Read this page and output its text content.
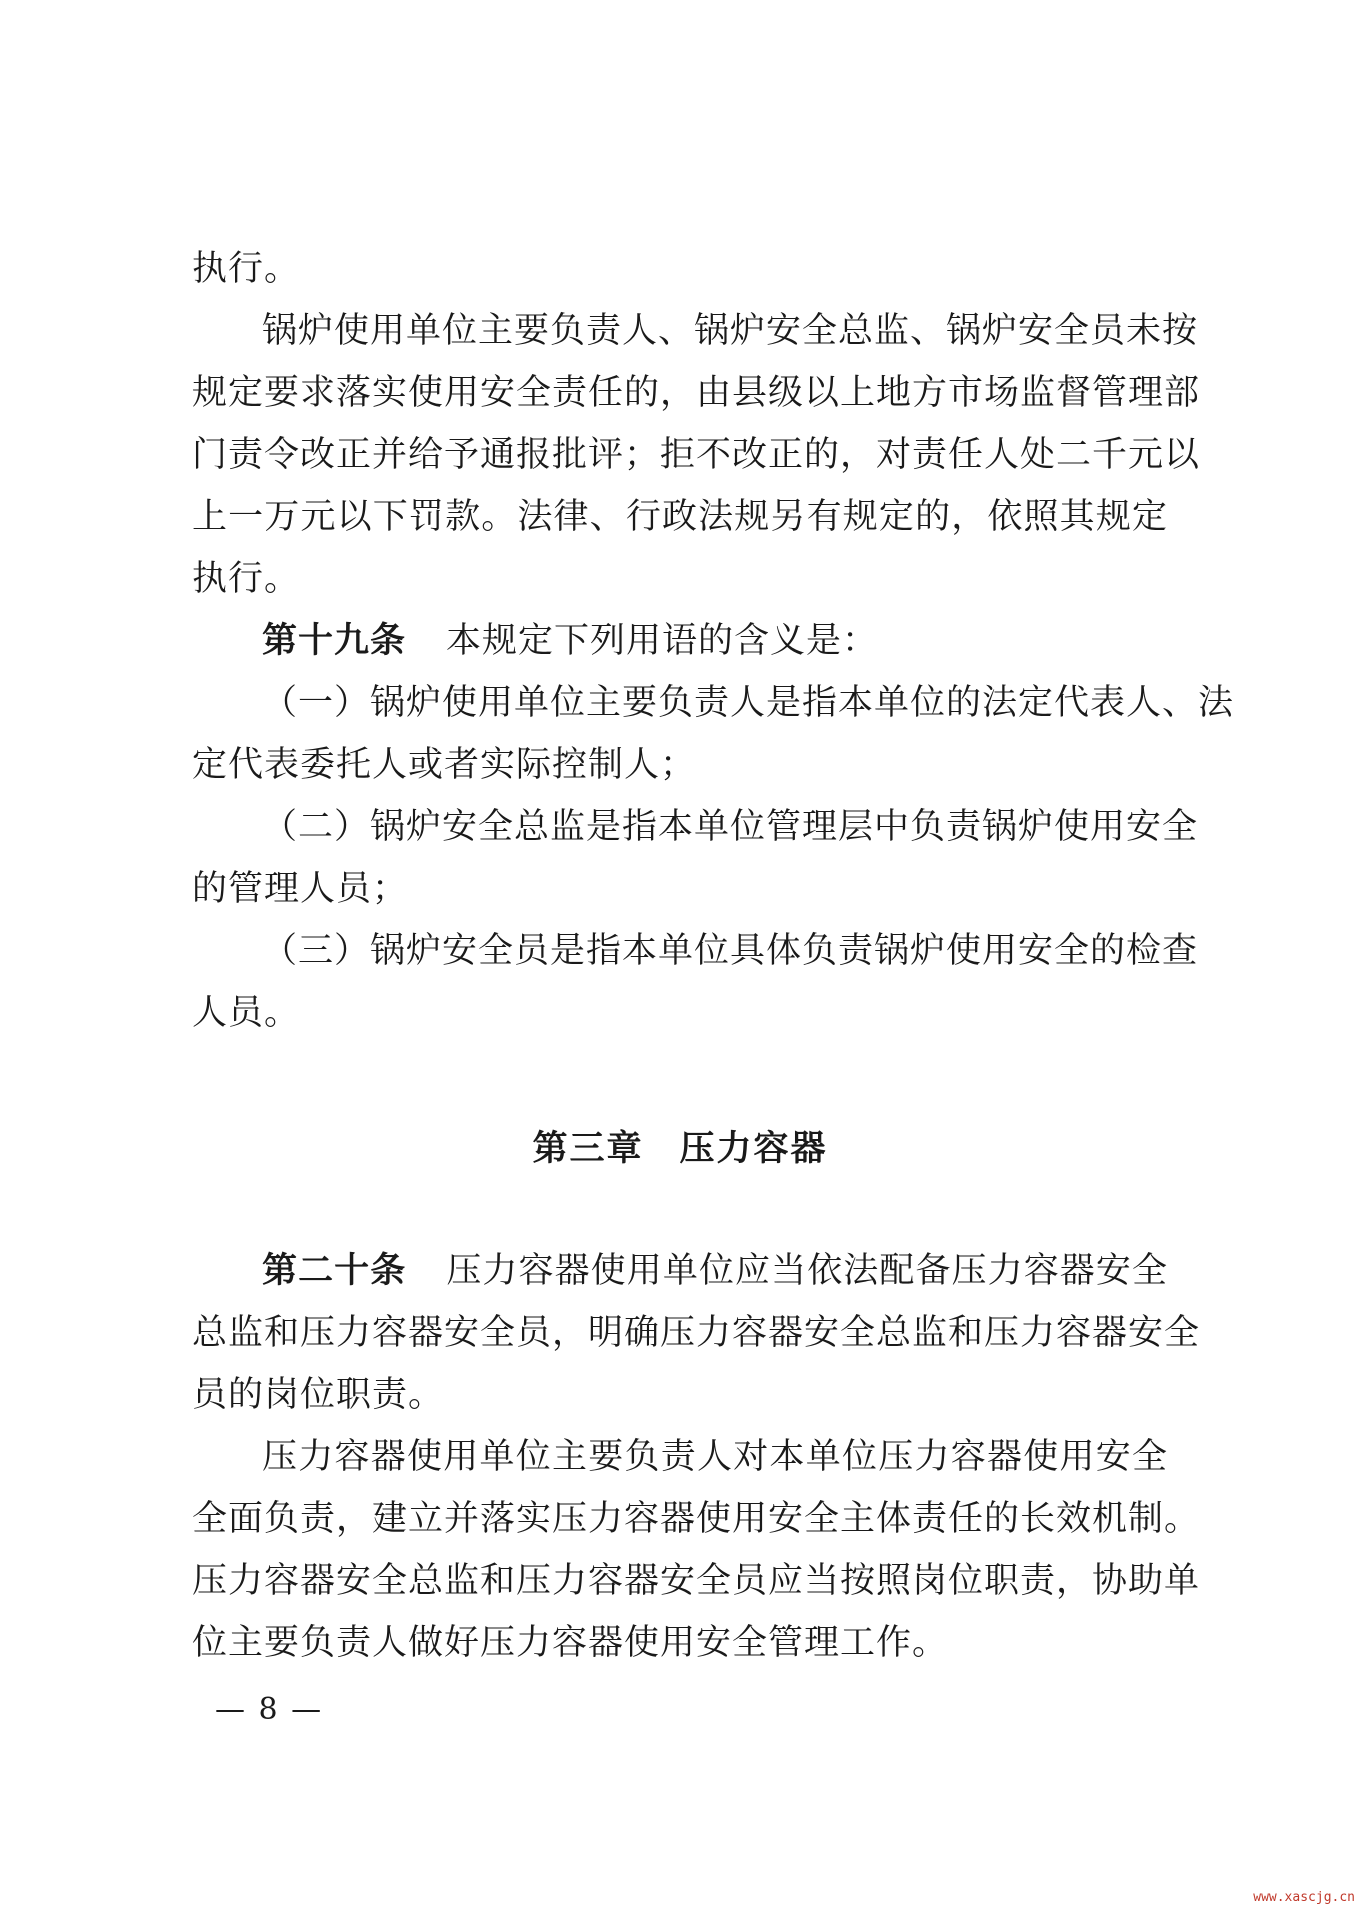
执行。
锅炉使用单位主要负责人、锅炉安全总监、锅炉安全员未按
规定要求落实使用安全责任的，由县级以上地方市场监督管理部
门责令改正并给予通报批评；拒不改正的，对责任人处二千元以
上一万元以下罚款。法律、行政法规另有规定的，依照其规定
执行。
第十九条 本规定下列用语的含义是：
（一）锅炉使用单位主要负责人是指本单位的法定代表人、法
定代表委托人或者实际控制人；
（二）锅炉安全总监是指本单位管理层中负责锅炉使用安全
的管理人员；
（三）锅炉安全员是指本单位具体负责锅炉使用安全的检查
人员。
第三章 压力容器
第二十条 压力容器使用单位应当依法配备压力容器安全
总监和压力容器安全员，明确压力容器安全总监和压力容器安全
员的岗位职责。
压力容器使用单位主要负责人对本单位压力容器使用安全
全面负责，建立并落实压力容器使用安全主体责任的长效机制。
压力容器安全总监和压力容器安全员应当按照岗位职责，协助单
位主要负责人做好压力容器使用安全管理工作。
— 8 —
www.xascjg.cn
